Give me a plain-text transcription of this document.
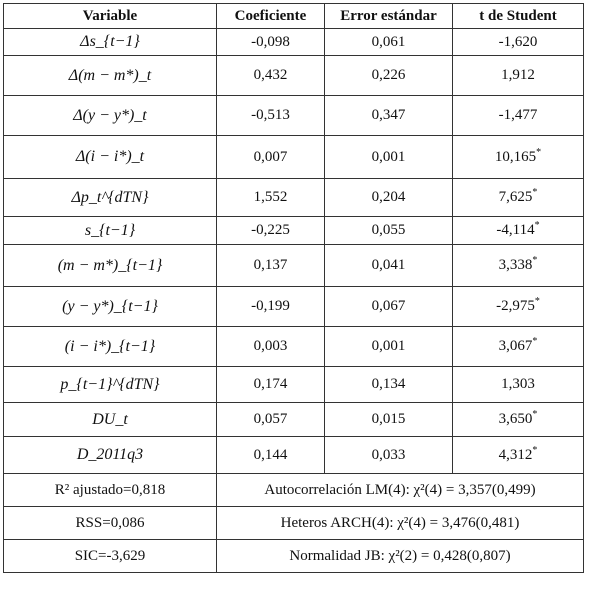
Variable	Coeficiente	Error estándar	t de Student
Δs_{t−1}	-0,098	0,061	-1,620
Δ(m − m*)_t	0,432	0,226	1,912
Δ(y − y*)_t	-0,513	0,347	-1,477
Δ(i − i*)_t	0,007	0,001	10,165*
Δp_t^{dTN}	1,552	0,204	7,625*
s_{t−1}	-0,225	0,055	-4,114*
(m − m*)_{t−1}	0,137	0,041	3,338*
(y − y*)_{t−1}	-0,199	0,067	-2,975*
(i − i*)_{t−1}	0,003	0,001	3,067*
p_{t−1}^{dTN}	0,174	0,134	1,303
DU_t	0,057	0,015	3,650*
D_2011q3	0,144	0,033	4,312*
R² ajustado=0,818	Autocorrelación LM(4): χ²(4) = 3,357(0,499)		
RSS=0,086	Heteros ARCH(4): χ²(4) = 3,476(0,481)		
SIC=-3,629	Normalidad JB: χ²(2) = 0,428(0,807)		
